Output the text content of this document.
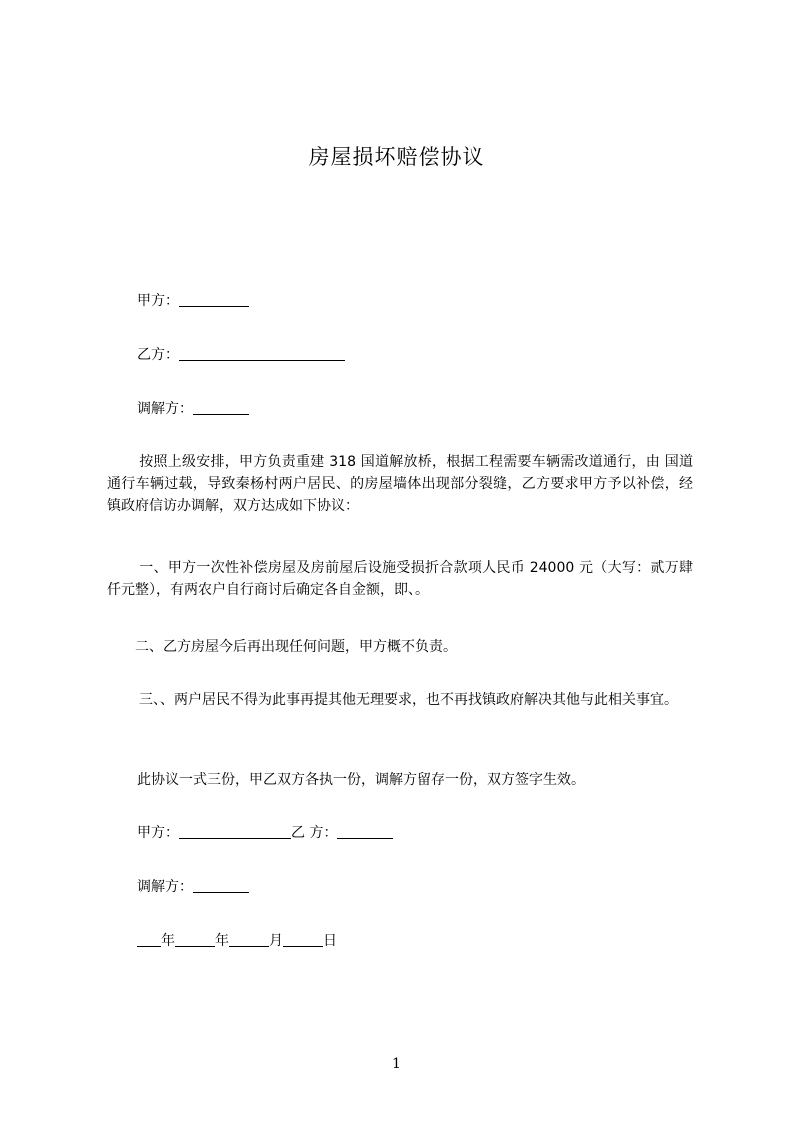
房屋损坏赔偿协议
甲方：
乙方：
调解方：
按照上级安排，甲方负责重建 318 国道解放桥，根据工程需要车辆需改道通行，由 国道通行车辆过载，导致秦杨村两户居民、的房屋墙体出现部分裂缝，乙方要求甲方予以补偿，经镇政府信访办调解，双方达成如下协议：
一、甲方一次性补偿房屋及房前屋后设施受损折合款项人民币 24000 元（大写：贰万肆仟元整），有两农户自行商讨后确定各自金额，即、。
二、乙方房屋今后再出现任何问题，甲方概不负责。
三、、两户居民不得为此事再提其他无理要求，也不再找镇政府解决其他与此相关事宜。
此协议一式三份，甲乙双方各执一份，调解方留存一份，双方签字生效。
甲方：	乙 方：
调解方：
年	年	月	日
1
